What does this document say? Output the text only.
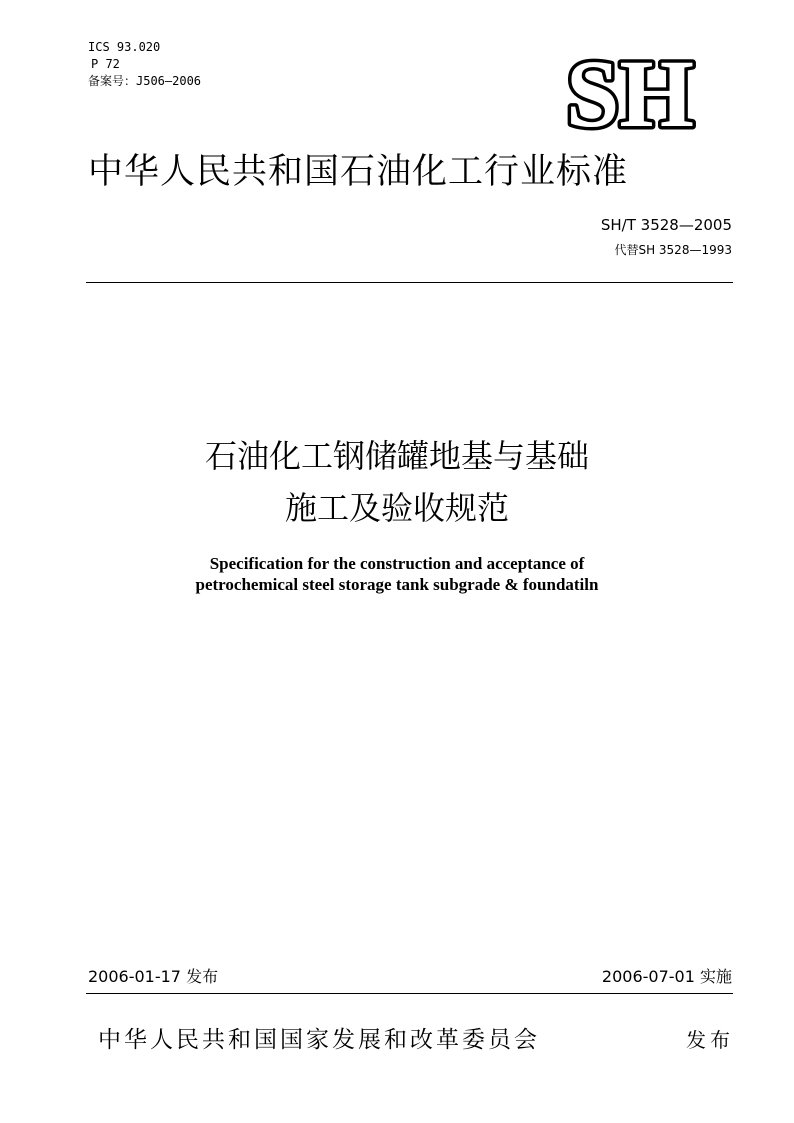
ICS 93.020
P 72
备案号：J506—2006	SH
中华人民共和国石油化工行业标准
SH/T 3528—2005
代替SH 3528—1993
石油化工钢储罐地基与基础
施工及验收规范
Specification for the construction and acceptance of
petrochemical steel storage tank subgrade & foundatiln
2006-01-17 发布	2006-07-01 实施
中华人民共和国国家发展和改革委员会	发布
